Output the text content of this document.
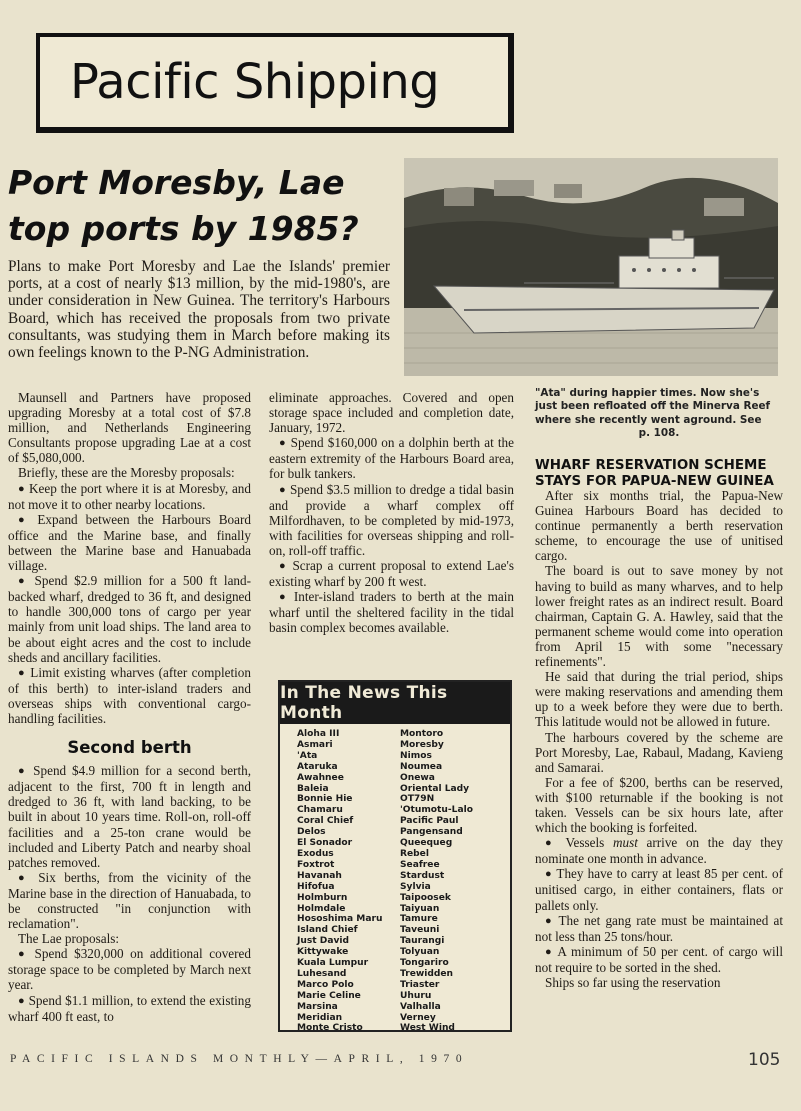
Pacific Shipping
Port Moresby, Lae top ports by 1985?
Plans to make Port Moresby and Lae the Islands' premier ports, at a cost of nearly $13 million, by the mid-1980's, are under consideration in New Guinea. The territory's Harbours Board, which has received the proposals from two private consultants, was studying them in March before making its own feelings known to the P-NG Administration.

Maunsell and Partners have proposed upgrading Moresby at a total cost of $7.8 million, and Netherlands Engineering Consultants propose upgrading Lae at a cost of $5,080,000.

Briefly, these are the Moresby proposals:

● Keep the port where it is at Moresby, and not move it to other nearby locations.

● Expand between the Harbours Board office and the Marine base, and finally between the Marine base and Hanuabada village.

● Spend $2.9 million for a 500 ft land-backed wharf, dredged to 36 ft, and designed to handle 300,000 tons of cargo per year mainly from unit load ships. The land area to be about eight acres and the cost to include sheds and ancillary facilities.

● Limit existing wharves (after completion of this berth) to inter-island traders and overseas ships with conventional cargo-handling facilities.

Second berth

● Spend $4.9 million for a second berth, adjacent to the first, 700 ft in length and dredged to 36 ft, with land backing, to be built in about 10 years time. Roll-on, roll-off facilities and a 25-ton crane would be included and Liberty Patch and nearby shoal patches removed.

● Six berths, from the vicinity of the Marine base in the direction of Hanuabada, to be constructed "in conjunction with reclamation".

The Lae proposals:

● Spend $320,000 on additional covered storage space to be completed by March next year.

● Spend $1.1 million, to extend the existing wharf 400 ft east, to

eliminate approaches. Covered and open storage space included and completion date, January, 1972.

● Spend $160,000 on a dolphin berth at the eastern extremity of the Harbours Board area, for bulk tankers.

● Spend $3.5 million to dredge a tidal basin and provide a wharf complex off Milfordhaven, to be completed by mid-1973, with facilities for overseas shipping and roll-on, roll-off traffic.

● Scrap a current proposal to extend Lae's existing wharf by 200 ft west.

● Inter-island traders to berth at the main wharf until the sheltered facility in the tidal basin complex becomes available.

"Ata" during happier times. Now she's just been refloated off the Minerva Reef where she recently went aground. See
p. 108.
WHARF RESERVATION SCHEME STAYS FOR PAPUA-NEW GUINEA

After six months trial, the Papua-New Guinea Harbours Board has decided to continue permanently a berth reservation scheme, to encourage the use of unitised cargo.

The board is out to save money by not having to build as many wharves, and to help lower freight rates as an indirect result. Board chairman, Captain G. A. Hawley, said that the permanent scheme would come into operation from April 15 with some "necessary refinements".

He said that during the trial period, ships were making reservations and amending them up to a week before they were due to berth. This latitude would not be allowed in future.

The harbours covered by the scheme are Port Moresby, Lae, Rabaul, Madang, Kavieng and Samarai.

For a fee of $200, berths can be reserved, with $100 returnable if the booking is not taken. Vessels can be six hours late, after which the booking is forfeited.

● Vessels must arrive on the day they nominate one month in advance.

● They have to carry at least 85 per cent. of unitised cargo, in either containers, flats or pallets only.

● The net gang rate must be maintained at not less than 25 tons/hour.

● A minimum of 50 per cent. of cargo will not require to be sorted in the shed.

Ships so far using the reservation

In The News This Month
Aloha III
Asmari
'Ata
Ataruka
Awahnee
Baleia
Bonnie Hie
Chamaru
Coral Chief
Delos
El Sonador
Exodus
Foxtrot
Havanah
Hifofua
Holmburn
Holmdale
Hososhima Maru
Island Chief
Just David
Kittywake
Kuala Lumpur
Luhesand
Marco Polo
Marie Celine
Marsina
Meridian
Monte Cristo
Montoro
Moresby
Nimos
Noumea
Onewa
Oriental Lady
OT79N
'Otumotu-Lalo
Pacific Paul
Pangensand
Queequeg
Rebel
Seafree
Stardust
Sylvia
Taipoosek
Taiyuan
Tamure
Taveuni
Taurangi
Tolyuan
Tongariro
Trewidden
Triaster
Uhuru
Valhalla
Verney
West Wind
PACIFIC ISLANDS MONTHLY—APRIL, 1970	105
